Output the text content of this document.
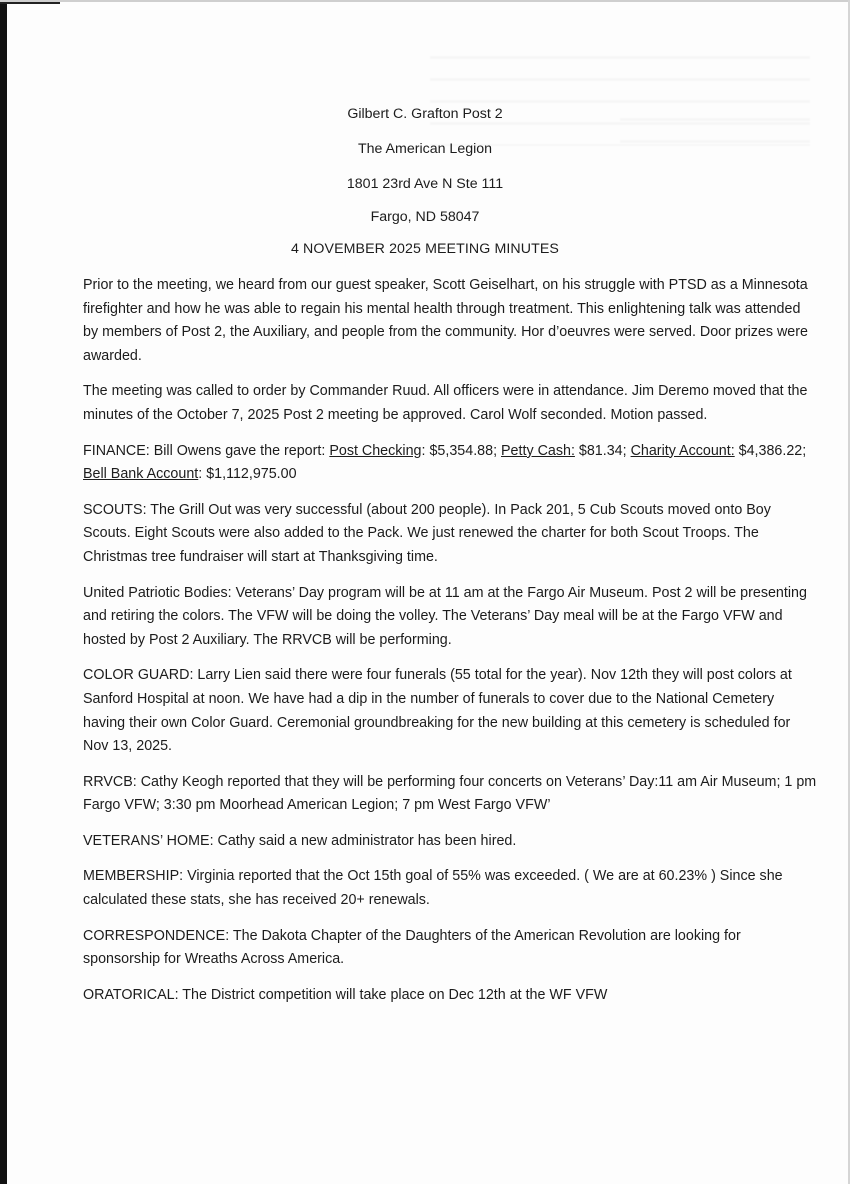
Gilbert C. Grafton Post 2
The American Legion
1801 23rd Ave N Ste 111
Fargo, ND 58047
4 NOVEMBER 2025 MEETING MINUTES

Prior to the meeting, we heard from our guest speaker, Scott Geiselhart, on his struggle with PTSD as a Minnesota firefighter and how he was able to regain his mental health through treatment. This enlightening talk was attended by members of Post 2, the Auxiliary, and people from the community. Hor d’oeuvres were served. Door prizes were awarded.

The meeting was called to order by Commander Ruud. All officers were in attendance. Jim Deremo moved that the minutes of the October 7, 2025 Post 2 meeting be approved. Carol Wolf seconded. Motion passed.

FINANCE: Bill Owens gave the report: Post Checking: $5,354.88; Petty Cash: $81.34; Charity Account: $4,386.22; Bell Bank Account: $1,112,975.00

SCOUTS: The Grill Out was very successful (about 200 people). In Pack 201, 5 Cub Scouts moved onto Boy Scouts. Eight Scouts were also added to the Pack. We just renewed the charter for both Scout Troops. The Christmas tree fundraiser will start at Thanksgiving time.

United Patriotic Bodies: Veterans’ Day program will be at 11 am at the Fargo Air Museum. Post 2 will be presenting and retiring the colors. The VFW will be doing the volley. The Veterans’ Day meal will be at the Fargo VFW and hosted by Post 2 Auxiliary. The RRVCB will be performing.

COLOR GUARD: Larry Lien said there were four funerals (55 total for the year). Nov 12th they will post colors at Sanford Hospital at noon. We have had a dip in the number of funerals to cover due to the National Cemetery having their own Color Guard. Ceremonial groundbreaking for the new building at this cemetery is scheduled for Nov 13, 2025.

RRVCB: Cathy Keogh reported that they will be performing four concerts on Veterans’ Day:11 am Air Museum; 1 pm Fargo VFW; 3:30 pm Moorhead American Legion; 7 pm West Fargo VFW’

VETERANS’ HOME: Cathy said a new administrator has been hired.

MEMBERSHIP: Virginia reported that the Oct 15th goal of 55% was exceeded. ( We are at 60.23% ) Since she calculated these stats, she has received 20+ renewals.

CORRESPONDENCE: The Dakota Chapter of the Daughters of the American Revolution are looking for sponsorship for Wreaths Across America.

ORATORICAL: The District competition will take place on Dec 12th at the WF VFW
